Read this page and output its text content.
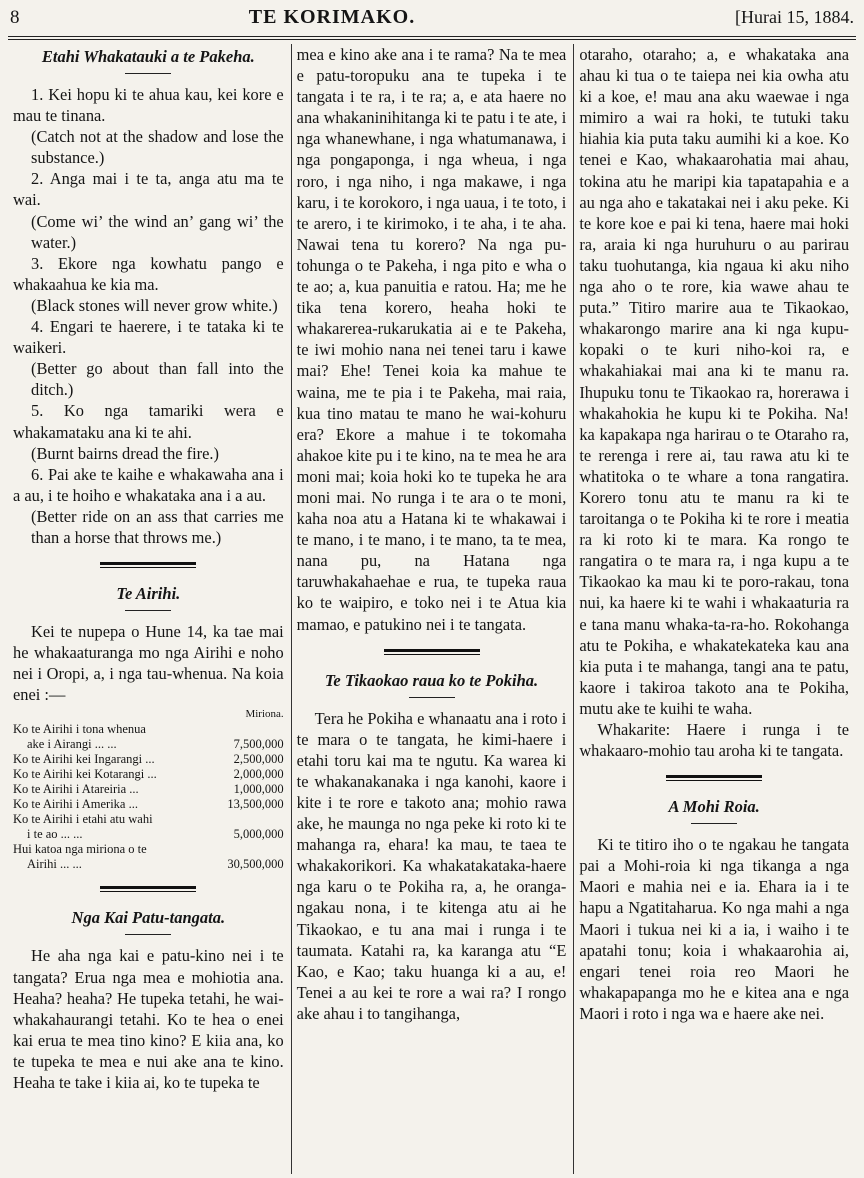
8	TE KORIMAKO.	[Hurai 15, 1884.
Etahi Whakatauki a te Pakeha.

1. Kei hopu ki te ahua kau, kei kore e mau te tinana.

(Catch not at the shadow and lose the substance.)

2. Anga mai i te ta, anga atu ma te wai.

(Come wi’ the wind an’ gang wi’ the water.)

3. Ekore nga kowhatu pango e whakaahua ke kia ma.

(Black stones will never grow white.)

4. Engari te haerere, i te tataka ki te waikeri.

(Better go about than fall into the ditch.)

5. Ko nga tamariki wera e whakamataku ana ki te ahi.

(Burnt bairns dread the fire.)

6. Pai ake te kaihe e whakawaha ana i a au, i te hoiho e whakataka ana i a au.

(Better ride on an ass that carries me than a horse that throws me.)

Te Airihi.

Kei te nupepa o Hune 14, ka tae mai he whakaaturanga mo nga Airihi e noho nei i Oropi, a, i nga tau-whenua. Na koia enei :—

	Miriona.
Ko te Airihi i tona whenua	
ake i Airangi ... ...	7,500,000
Ko te Airihi kei Ingarangi ...	2,500,000
Ko te Airihi kei Kotarangi ...	2,000,000
Ko te Airihi i Atareiria ...	1,000,000
Ko te Airihi i Amerika ...	13,500,000
Ko te Airihi i etahi atu wahi	
i te ao ... ...	5,000,000
Hui katoa nga miriona o te	
Airihi ... ...	30,500,000
Nga Kai Patu-tangata.

He aha nga kai e patu-kino nei i te tangata? Erua nga mea e mohiotia ana. Heaha? heaha? He tupeka tetahi, he wai-whakahaurangi tetahi. Ko te hea o enei kai erua te mea tino kino? E kiia ana, ko te tupeka te mea e nui ake ana te kino. Heaha te take i kiia ai, ko te tupeka te

mea e kino ake ana i te rama? Na te mea e patu-toropuku ana te tupeka i te tangata i te ra, i te ra; a, e ata haere no ana whakaninihitanga ki te patu i te ate, i nga whanewhane, i nga whatumanawa, i nga pongaponga, i nga wheua, i nga roro, i nga niho, i nga makawe, i nga karu, i te korokoro, i nga uaua, i te toto, i te arero, i te kirimoko, i te aha, i te aha. Nawai tena tu korero? Na nga pu-tohunga o te Pakeha, i nga pito e wha o te ao; a, kua panuitia e ratou. Ha; me he tika tena korero, heaha hoki te whakarerea-rukarukatia ai e te Pakeha, te iwi mohio nana nei tenei taru i kawe mai? Ehe! Tenei koia ka mahue te waina, me te pia i te Pakeha, mai raia, kua tino matau te mano he wai-kohuru era? Ekore a mahue i te tokomaha ahakoe kite pu i te kino, na te mea he ara moni mai; koia hoki ko te tupeka he ara moni mai. No runga i te ara o te moni, kaha noa atu a Hatana ki te whakawai i te mano, i te mano, i te mano, ta te mea, nana pu, na Hatana nga taruwhakahaehae e rua, te tupeka raua ko te waipiro, e toko nei i te Atua kia mamao, e patukino nei i te tangata.

Te Tikaokao raua ko te Pokiha.

Tera he Pokiha e whanaatu ana i roto i te mara o te tangata, he kimi-haere i etahi toru kai ma te ngutu. Ka warea ki te whakanakanaka i nga kanohi, kaore i kite i te rore e takoto ana; mohio rawa ake, he maunga no nga peke ki roto ki te mahanga ra, ehara! ka mau, te taea te whakakorikori. Ka whakatakataka-haere nga karu o te Pokiha ra, a, he oranga-ngakau nona, i te kitenga atu ai he Tikaokao, e tu ana mai i runga i te taumata. Katahi ra, ka karanga atu “E Kao, e Kao; taku huanga ki a au, e! Tenei a au kei te rore a wai ra? I rongo ake ahau i to tangihanga,

otaraho, otaraho; a, e whakataka ana ahau ki tua o te taiepa nei kia owha atu ki a koe, e! mau ana aku waewae i nga mimiro a wai ra hoki, te tutuki taku hiahia kia puta taku aumihi ki a koe. Ko tenei e Kao, whakaarohatia mai ahau, tokina atu he maripi kia tapatapahia e a au nga aho e takatakai nei i aku peke. Ki te kore koe e pai ki tena, haere mai hoki ra, araia ki nga huruhuru o au parirau taku tuohutanga, kia ngaua ki aku niho nga aho o te rore, kia wawe ahau te puta.” Titiro marire aua te Tikaokao, whakarongo marire ana ki nga kupu-kopaki o te kuri niho-koi ra, e whakahiakai mai ana ki te manu ra. Ihupuku tonu te Tikaokao ra, horerawa i whakahokia he kupu ki te Pokiha. Na! ka kapakapa nga harirau o te Otaraho ra, te rerenga i rere ai, tau rawa atu ki te whatitoka o te whare a tona rangatira. Korero tonu atu te manu ra ki te taroitanga o te Pokiha ki te rore i meatia ra ki roto ki te mara. Ka rongo te rangatira o te mara ra, i nga kupu a te Tikaokao ka mau ki te poro-rakau, tona nui, ka haere ki te wahi i whakaaturia ra e tana manu whaka-ta-ra-ho. Rokohanga atu te Pokiha, e whakatekateka kau ana kia puta i te mahanga, tangi ana te patu, kaore i takiroa takoto ana te Pokiha, mutu ake te kuihi te waha.

Whakarite: Haere i runga i te whakaaro-mohio tau aroha ki te tangata.

A Mohi Roia.

Ki te titiro iho o te ngakau he tangata pai a Mohi-roia ki nga tikanga a nga Maori e mahia nei e ia. Ehara ia i te hapu a Ngatitaharua. Ko nga mahi a nga Maori i tukua nei ki a ia, i waiho i te apatahi tonu; koia i whakaarohia ai, engari tenei roia reo Maori he whakapapanga mo he e kitea ana e nga Maori i roto i nga wa e haere ake nei.
